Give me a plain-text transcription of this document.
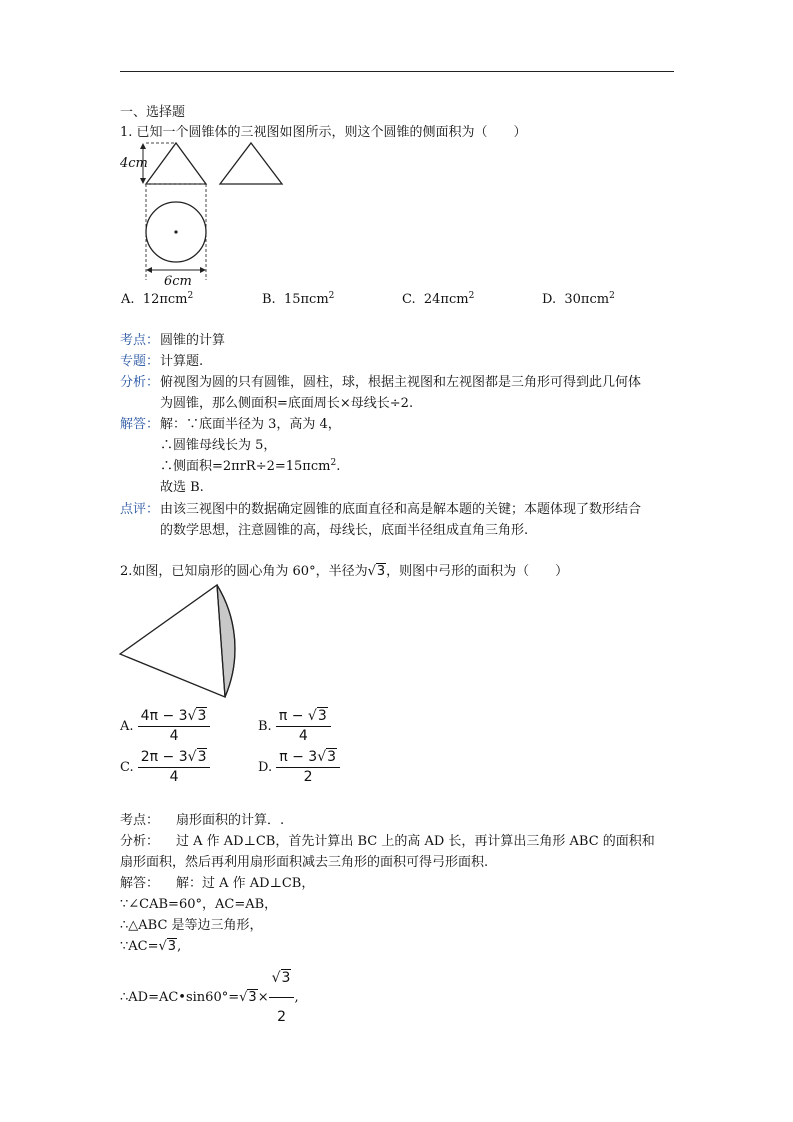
一、选择题
1. 已知一个圆锥体的三视图如图所示，则这个圆锥的侧面积为（　　）
4cm
6cm
A. 12πcm$^2$	B. 15πcm$^2$	C. 24πcm$^2$	D. 30πcm$^2$
考点： 圆锥的计算
专题： 计算题.
分析： 俯视图为圆的只有圆锥，圆柱，球，根据主视图和左视图都是三角形可得到此几何体
为圆锥，那么侧面积=底面周长×母线长÷2.
解答： 解：∵底面半径为 3，高为 4，
∴圆锥母线长为 5，
∴侧面积=2πrR÷2=15πcm$^2$.
故选 B.
点评： 由该三视图中的数据确定圆锥的底面直径和高是解本题的关键；本题体现了数形结合
的数学思想，注意圆锥的高，母线长，底面半径组成直角三角形.
2.如图，已知扇形的圆心角为 60°，半径为√3，则图中弓形的面积为（　　）
A. $\frac{4\pi - 3√3}{4}$	B. $\frac{\pi - √3}{4}$
C. $\frac{2\pi - 3√3}{4}$	D. $\frac{\pi - 3√3}{2}$
考点： 扇形面积的计算．.
分析： 过 A 作 AD⊥CB，首先计算出 BC 上的高 AD 长，再计算出三角形 ABC 的面积和
扇形面积，然后再利用扇形面积减去三角形的面积可得弓形面积.
解答： 解：过 A 作 AD⊥CB，
∵∠CAB=60°，AC=AB，
∴△ABC 是等边三角形，
∵AC=√3,
∴AD=AC•sin60°=√3× $\frac{√3}{2}$ ,
